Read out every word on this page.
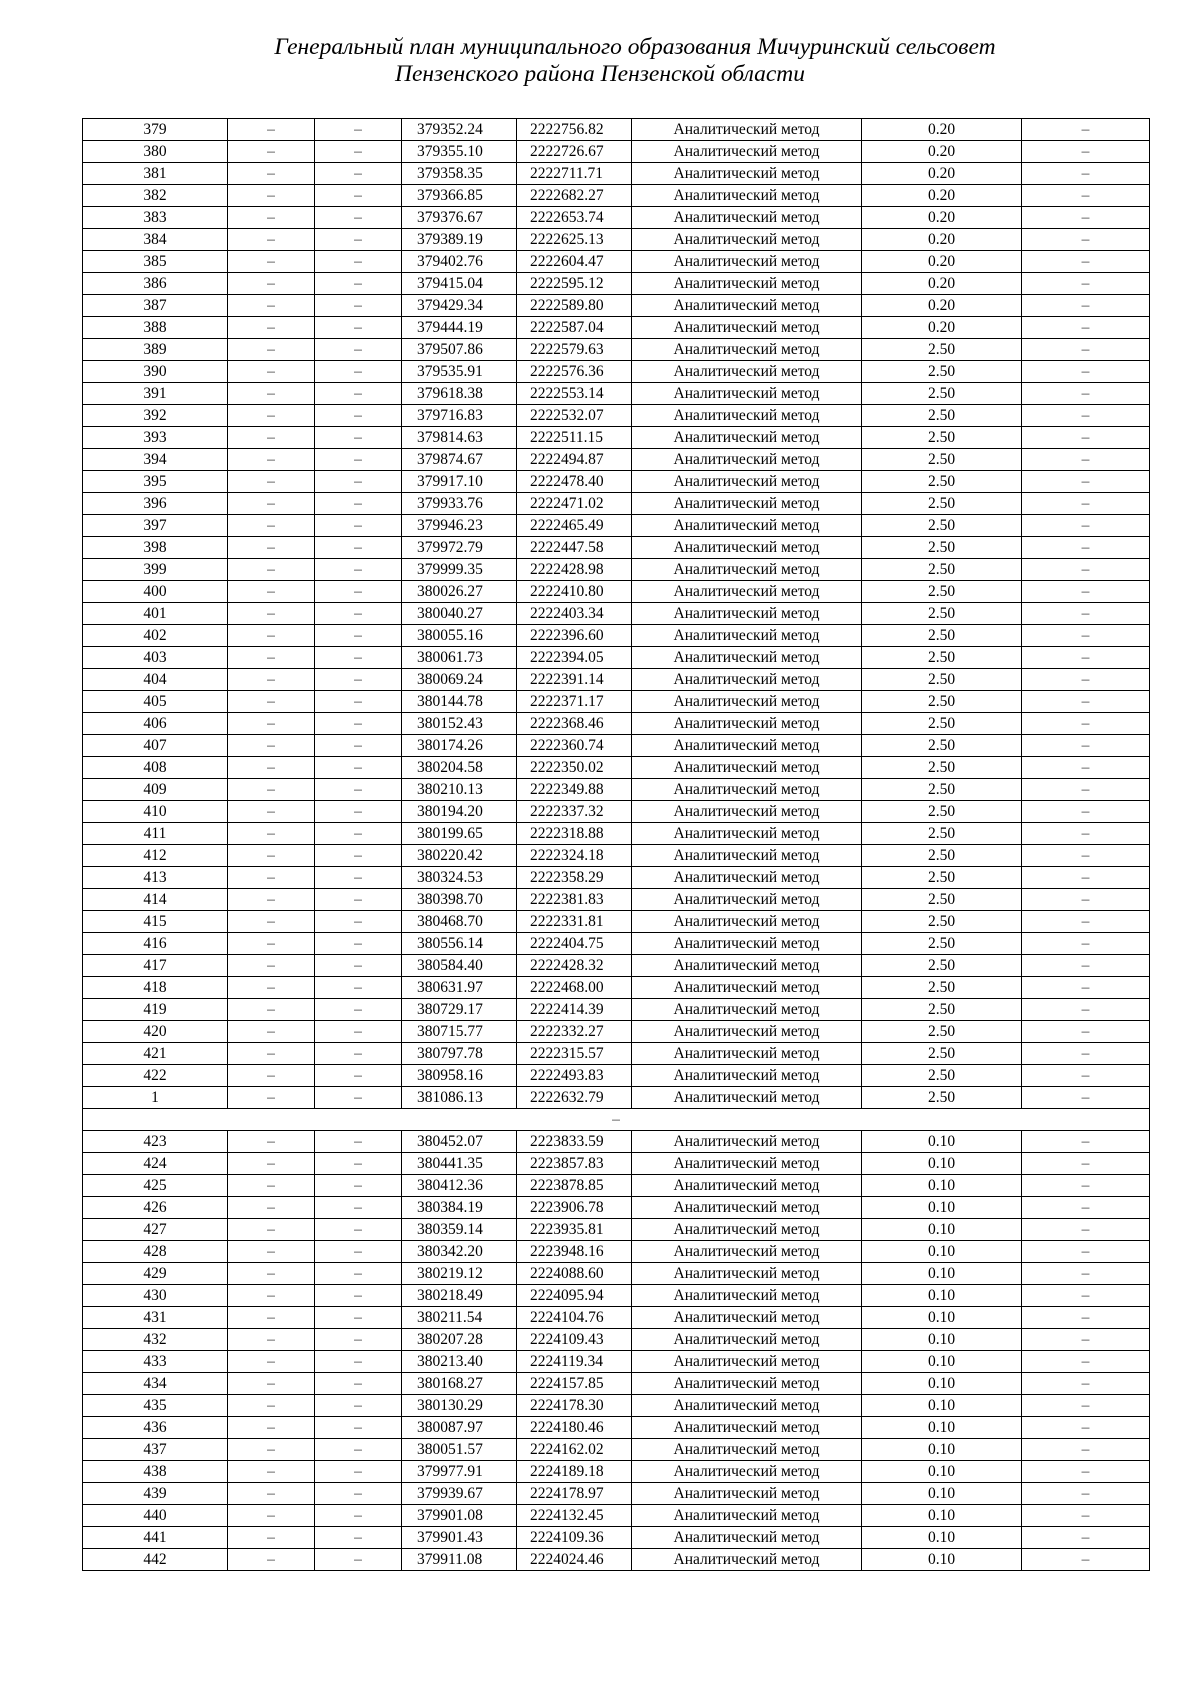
Генеральный план муниципального образования Мичуринский сельсовет
Пензенского района Пензенской области
379	–	–	379352.24	2222756.82	Аналитический метод	0.20	–
380	–	–	379355.10	2222726.67	Аналитический метод	0.20	–
381	–	–	379358.35	2222711.71	Аналитический метод	0.20	–
382	–	–	379366.85	2222682.27	Аналитический метод	0.20	–
383	–	–	379376.67	2222653.74	Аналитический метод	0.20	–
384	–	–	379389.19	2222625.13	Аналитический метод	0.20	–
385	–	–	379402.76	2222604.47	Аналитический метод	0.20	–
386	–	–	379415.04	2222595.12	Аналитический метод	0.20	–
387	–	–	379429.34	2222589.80	Аналитический метод	0.20	–
388	–	–	379444.19	2222587.04	Аналитический метод	0.20	–
389	–	–	379507.86	2222579.63	Аналитический метод	2.50	–
390	–	–	379535.91	2222576.36	Аналитический метод	2.50	–
391	–	–	379618.38	2222553.14	Аналитический метод	2.50	–
392	–	–	379716.83	2222532.07	Аналитический метод	2.50	–
393	–	–	379814.63	2222511.15	Аналитический метод	2.50	–
394	–	–	379874.67	2222494.87	Аналитический метод	2.50	–
395	–	–	379917.10	2222478.40	Аналитический метод	2.50	–
396	–	–	379933.76	2222471.02	Аналитический метод	2.50	–
397	–	–	379946.23	2222465.49	Аналитический метод	2.50	–
398	–	–	379972.79	2222447.58	Аналитический метод	2.50	–
399	–	–	379999.35	2222428.98	Аналитический метод	2.50	–
400	–	–	380026.27	2222410.80	Аналитический метод	2.50	–
401	–	–	380040.27	2222403.34	Аналитический метод	2.50	–
402	–	–	380055.16	2222396.60	Аналитический метод	2.50	–
403	–	–	380061.73	2222394.05	Аналитический метод	2.50	–
404	–	–	380069.24	2222391.14	Аналитический метод	2.50	–
405	–	–	380144.78	2222371.17	Аналитический метод	2.50	–
406	–	–	380152.43	2222368.46	Аналитический метод	2.50	–
407	–	–	380174.26	2222360.74	Аналитический метод	2.50	–
408	–	–	380204.58	2222350.02	Аналитический метод	2.50	–
409	–	–	380210.13	2222349.88	Аналитический метод	2.50	–
410	–	–	380194.20	2222337.32	Аналитический метод	2.50	–
411	–	–	380199.65	2222318.88	Аналитический метод	2.50	–
412	–	–	380220.42	2222324.18	Аналитический метод	2.50	–
413	–	–	380324.53	2222358.29	Аналитический метод	2.50	–
414	–	–	380398.70	2222381.83	Аналитический метод	2.50	–
415	–	–	380468.70	2222331.81	Аналитический метод	2.50	–
416	–	–	380556.14	2222404.75	Аналитический метод	2.50	–
417	–	–	380584.40	2222428.32	Аналитический метод	2.50	–
418	–	–	380631.97	2222468.00	Аналитический метод	2.50	–
419	–	–	380729.17	2222414.39	Аналитический метод	2.50	–
420	–	–	380715.77	2222332.27	Аналитический метод	2.50	–
421	–	–	380797.78	2222315.57	Аналитический метод	2.50	–
422	–	–	380958.16	2222493.83	Аналитический метод	2.50	–
1	–	–	381086.13	2222632.79	Аналитический метод	2.50	–
–							
423	–	–	380452.07	2223833.59	Аналитический метод	0.10	–
424	–	–	380441.35	2223857.83	Аналитический метод	0.10	–
425	–	–	380412.36	2223878.85	Аналитический метод	0.10	–
426	–	–	380384.19	2223906.78	Аналитический метод	0.10	–
427	–	–	380359.14	2223935.81	Аналитический метод	0.10	–
428	–	–	380342.20	2223948.16	Аналитический метод	0.10	–
429	–	–	380219.12	2224088.60	Аналитический метод	0.10	–
430	–	–	380218.49	2224095.94	Аналитический метод	0.10	–
431	–	–	380211.54	2224104.76	Аналитический метод	0.10	–
432	–	–	380207.28	2224109.43	Аналитический метод	0.10	–
433	–	–	380213.40	2224119.34	Аналитический метод	0.10	–
434	–	–	380168.27	2224157.85	Аналитический метод	0.10	–
435	–	–	380130.29	2224178.30	Аналитический метод	0.10	–
436	–	–	380087.97	2224180.46	Аналитический метод	0.10	–
437	–	–	380051.57	2224162.02	Аналитический метод	0.10	–
438	–	–	379977.91	2224189.18	Аналитический метод	0.10	–
439	–	–	379939.67	2224178.97	Аналитический метод	0.10	–
440	–	–	379901.08	2224132.45	Аналитический метод	0.10	–
441	–	–	379901.43	2224109.36	Аналитический метод	0.10	–
442	–	–	379911.08	2224024.46	Аналитический метод	0.10	–
